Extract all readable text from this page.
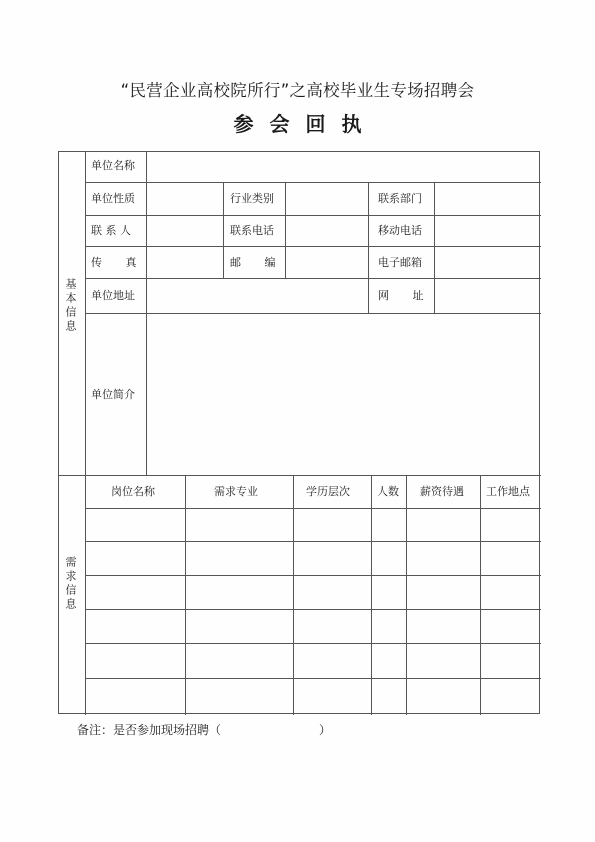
“民营企业高校院所行”之高校毕业生专场招聘会
参会回执
基本信息
需求信息
单位名称
单位性质	行业类别	联系部门
联 系 人	联系电话	移动电话
传 真	邮 编	电子邮箱
单位地址	网 址
单位简介
岗位名称	需求专业	学历层次 人数 薪资待遇 工作地点
备注：是否参加现场招聘（	）
